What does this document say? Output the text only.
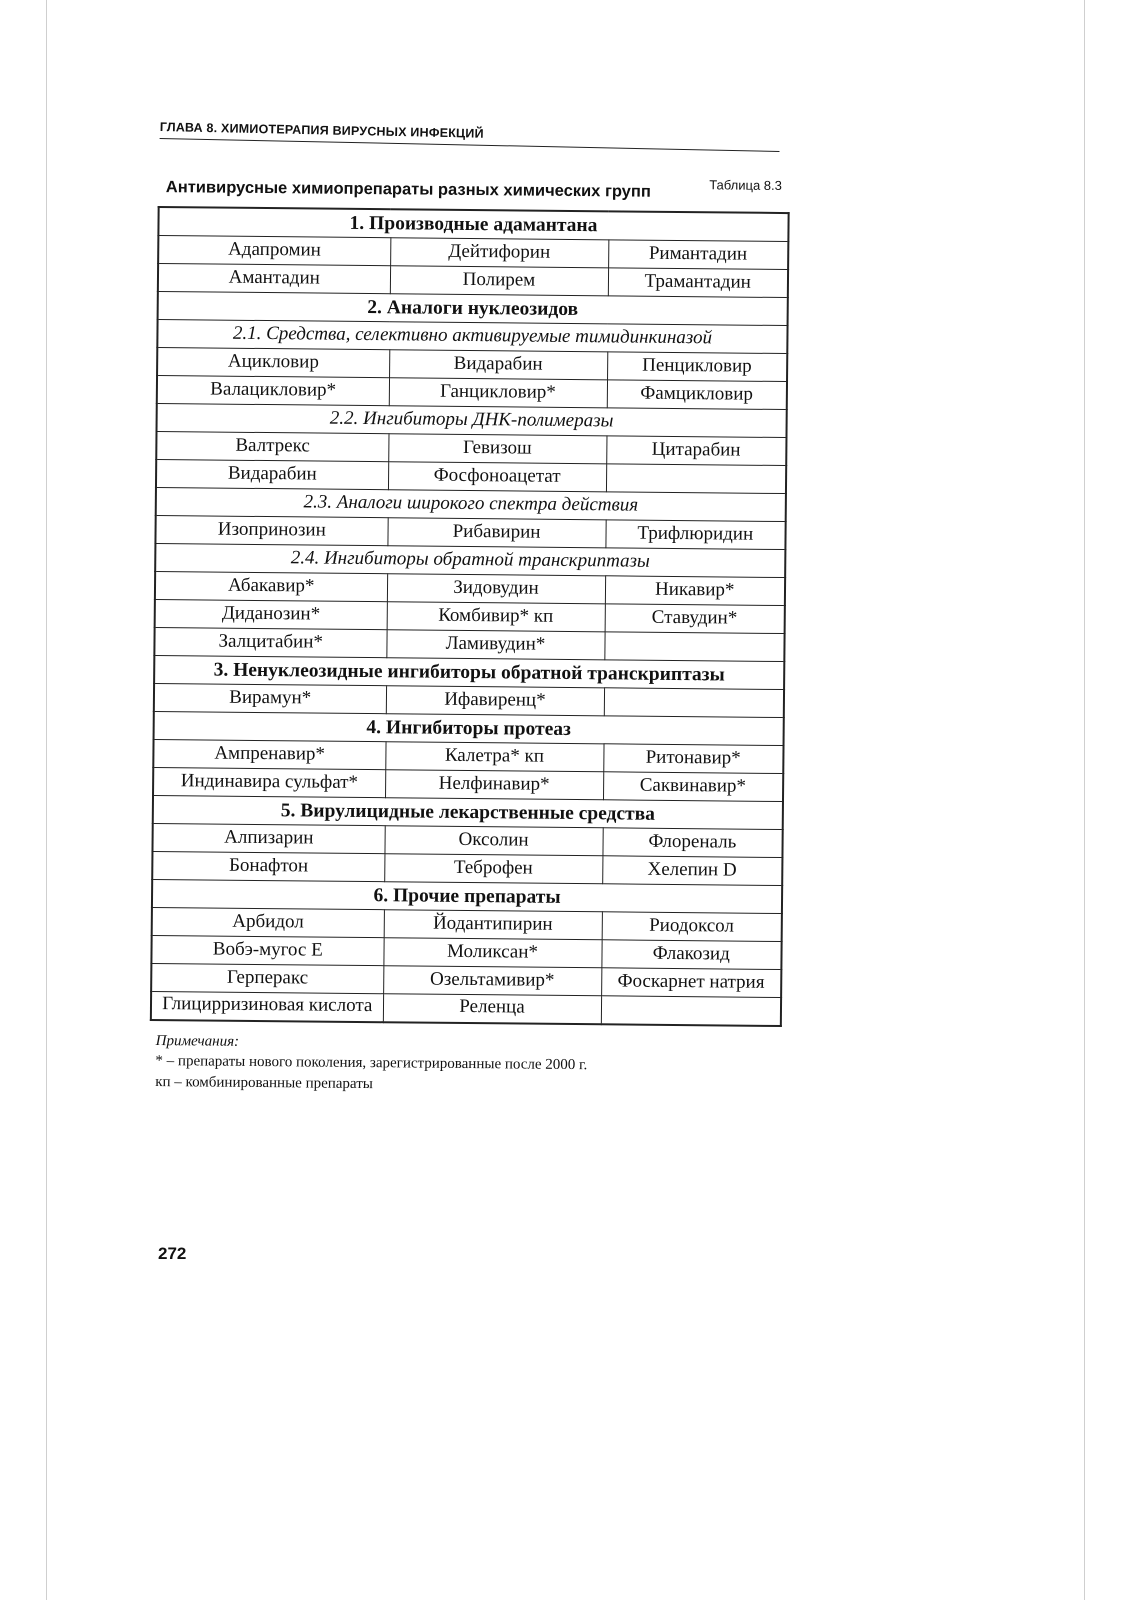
ГЛАВА 8. ХИМИОТЕРАПИЯ ВИРУСНЫХ ИНФЕКЦИЙ
Антивирусные химиопрепараты разных химических групп	Таблица 8.3
1. Производные адамантана		
Адапромин	Дейтифорин	Римантадин
Амантадин	Полирем	Трамантадин
2. Аналоги нуклеозидов		
2.1. Средства, селективно активируемые тимидинкиназой		
Ацикловир	Видарабин	Пенцикловир
Валацикловир*	Ганцикловир*	Фамцикловир
2.2. Ингибиторы ДНК-полимеразы		
Валтрекс	Гевизош	Цитарабин
Видарабин	Фосфоноацетат	
2.3. Аналоги широкого спектра действия		
Изопринозин	Рибавирин	Трифлюридин
2.4. Ингибиторы обратной транскриптазы		
Абакавир*	Зидовудин	Никавир*
Диданозин*	Комбивир* кп	Ставудин*
Залцитабин*	Ламивудин*	
3. Ненуклеозидные ингибиторы обратной транскриптазы		
Вирамун*	Ифавиренц*	
4. Ингибиторы протеаз		
Ампренавир*	Калетра* кп	Ритонавир*
Индинавира сульфат*	Нелфинавир*	Саквинавир*
5. Вирулицидные лекарственные средства		
Алпизарин	Оксолин	Флореналь
Бонафтон	Теброфен	Хелепин D
6. Прочие препараты		
Арбидол	Йодантипирин	Риодоксол
Вобэ-мугос Е	Моликсан*	Флакозид
Герперакс	Озельтамивир*	Фоскарнет натрия
Глицирризиновая кислота	Реленца	
Примечания:
* – препараты нового поколения, зарегистрированные после 2000 г.
кп – комбинированные препараты
272
